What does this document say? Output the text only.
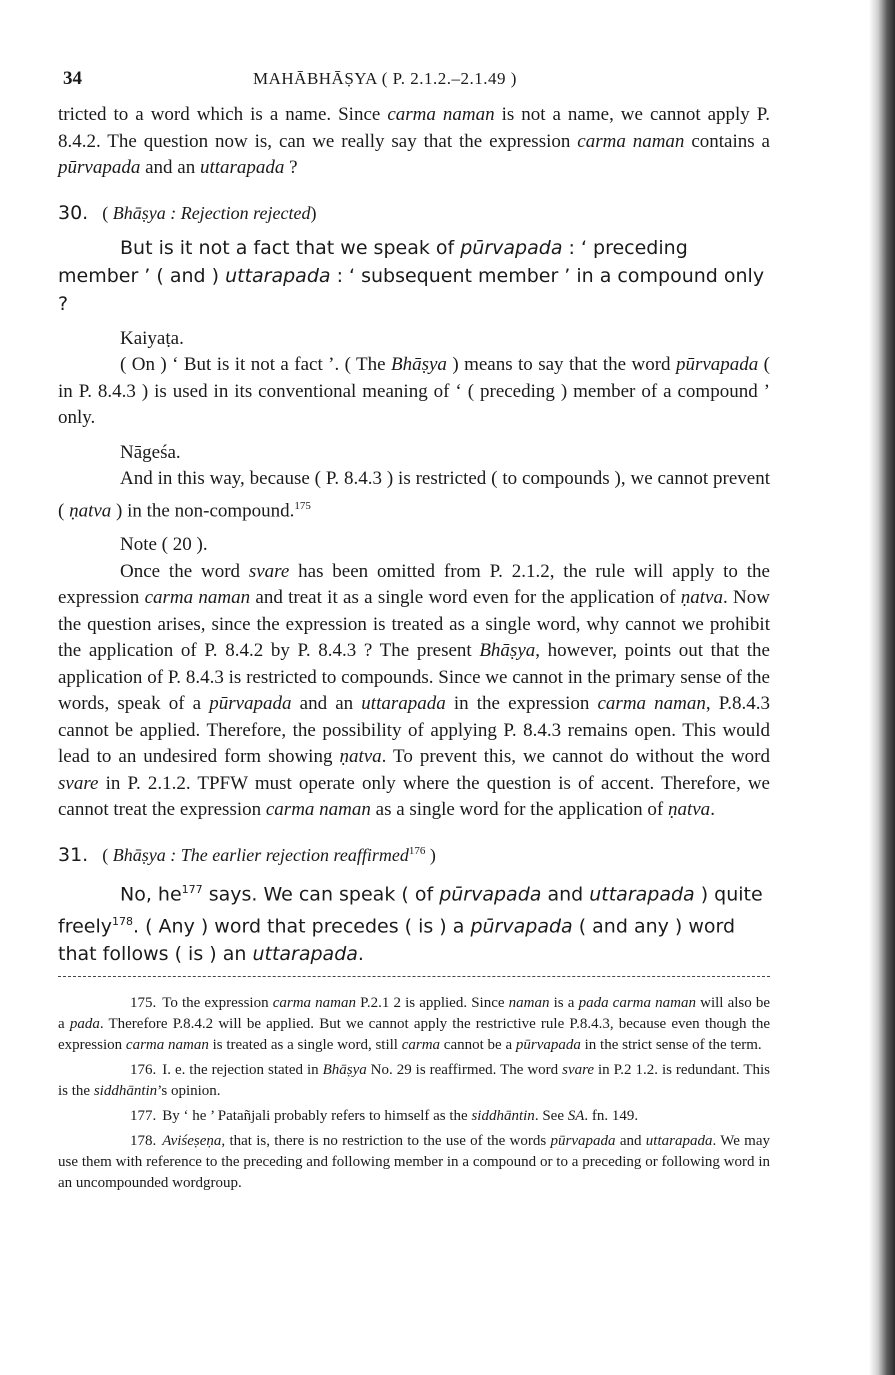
34	MAHĀBHĀṢYA ( P. 2.1.2.–2.1.49 )

tricted to a word which is a name. Since carma naman is not a name, we cannot apply P. 8.4.2. The question now is, can we really say that the expression carma naman contains a pūrvapada and an uttarapada ?

30. ( Bhāṣya : Rejection rejected)

But is it not a fact that we speak of pūrvapada : ‘ preceding member ’ ( and ) uttarapada : ‘ subsequent member ’ in a compound only ?

Kaiyaṭa.

( On ) ‘ But is it not a fact ’. ( The Bhāṣya ) means to say that the word pūrvapada ( in P. 8.4.3 ) is used in its conventional meaning of ‘ ( preceding ) member of a compound ’ only.

Nāgeśa.

And in this way, because ( P. 8.4.3 ) is restricted ( to compounds ), we cannot prevent ( ṇatva ) in the non-compound.$^{175}$

Note ( 20 ).

Once the word svare has been omitted from P. 2.1.2, the rule will apply to the expression carma naman and treat it as a single word even for the application of ṇatva. Now the question arises, since the expression is treated as a single word, why cannot we prohibit the application of P. 8.4.2 by P. 8.4.3 ? The present Bhāṣya, however, points out that the application of P. 8.4.3 is restricted to compounds. Since we cannot in the primary sense of the words, speak of a pūrvapada and an uttarapada in the expression carma naman, P.8.4.3 cannot be applied. Therefore, the possibility of applying P. 8.4.3 remains open. This would lead to an undesired form showing ṇatva. To prevent this, we cannot do without the word svare in P. 2.1.2. TPFW must operate only where the question is of accent. Therefore, we cannot treat the expression carma naman as a single word for the application of ṇatva.

31. ( Bhāṣya : The earlier rejection reaffirmed$^{176}$ )

No, $he^{177}$ says. We can speak ( of pūrvapada and uttarapada ) quite freely$^{178}$. ( Any ) word that precedes ( is ) a pūrvapada ( and any ) word that follows ( is ) an uttarapada.

175. To the expression carma naman P.2.1 2 is applied. Since naman is a pada carma naman will also be a pada. Therefore P.8.4.2 will be applied. But we cannot apply the restrictive rule P.8.4.3, because even though the expression carma naman is treated as a single word, still carma cannot be a pūrvapada in the strict sense of the term.

176. I. e. the rejection stated in Bhāṣya No. 29 is reaffirmed. The word svare in P.2 1.2. is redundant. This is the siddhāntin’s opinion.

177. By ‘ he ’ Patañjali probably refers to himself as the siddhāntin. See SA. fn. 149.

178. Aviśeṣeṇa, that is, there is no restriction to the use of the words pūrvapada and uttarapada. We may use them with reference to the preceding and following member in a compound or to a preceding or following word in an uncompounded wordgroup.
